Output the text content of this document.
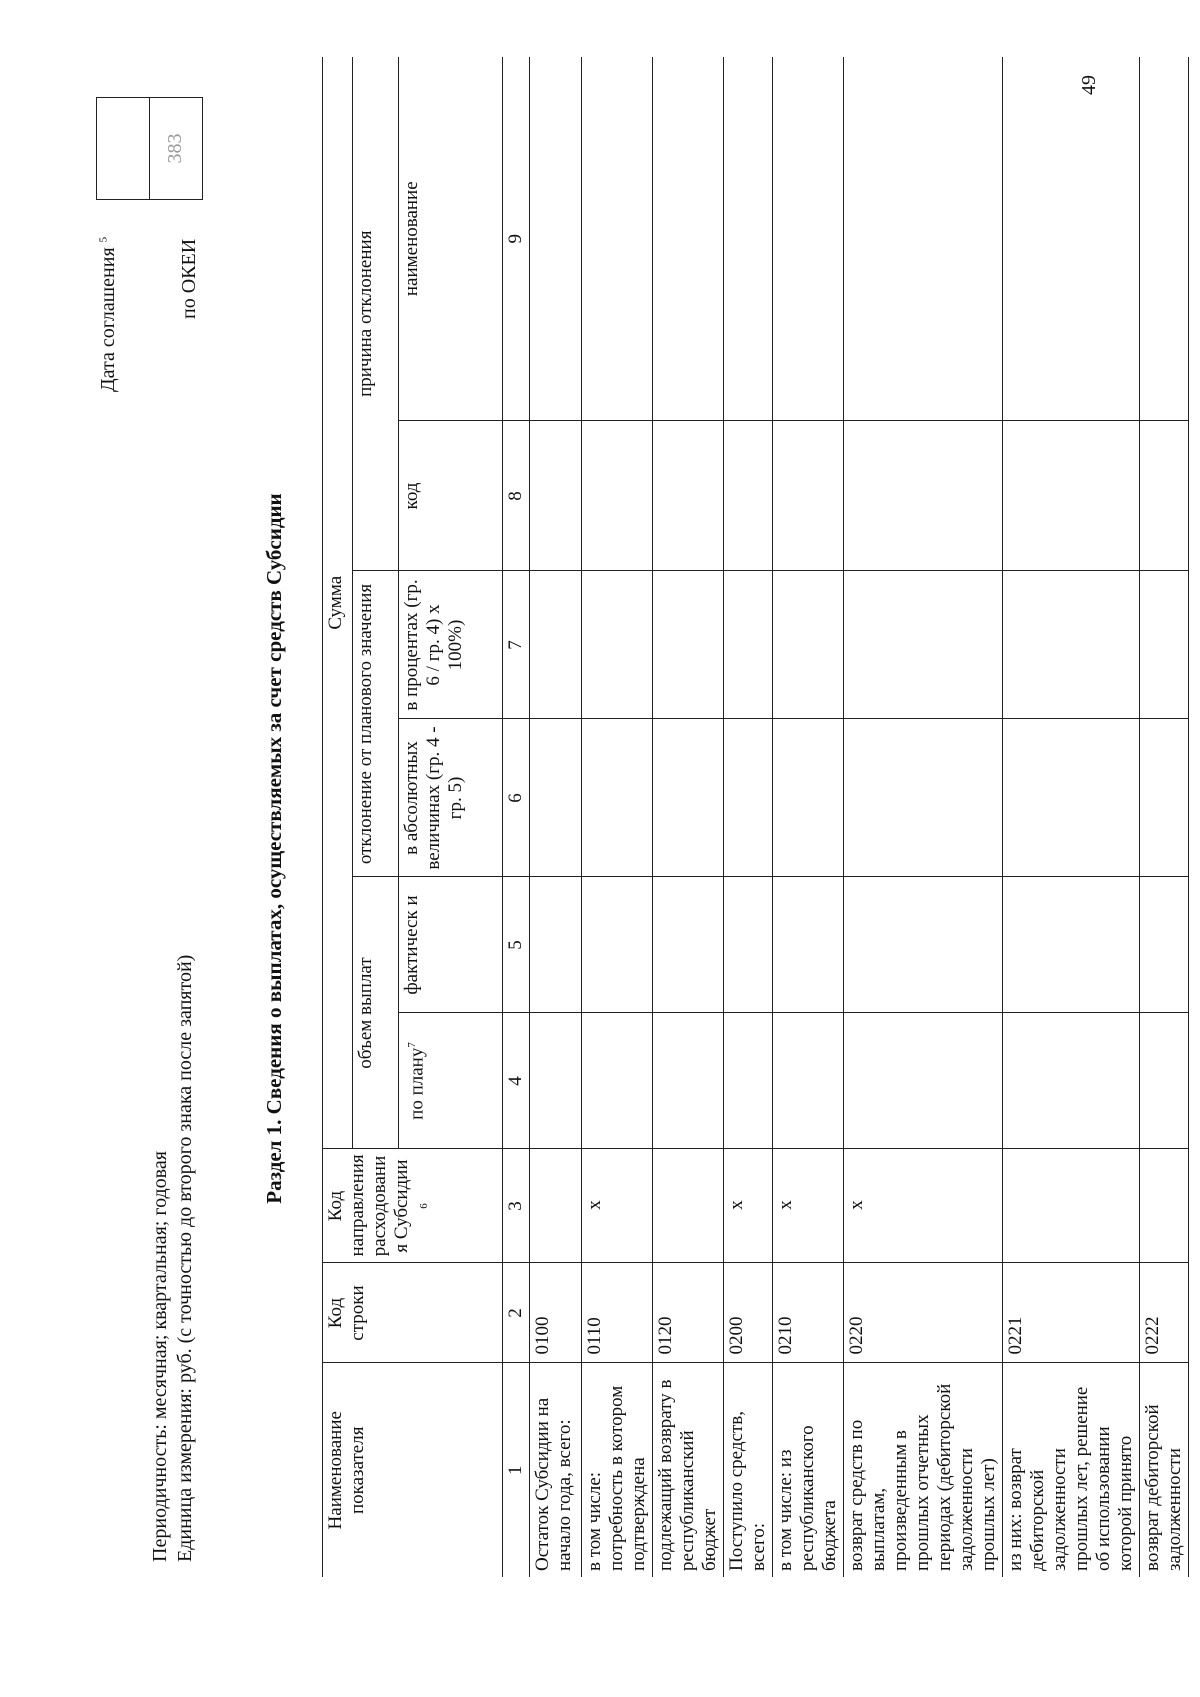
Периодичность: месячная; квартальная; годовая Единица измерения: руб. (с точностью до второго знака после запятой)
Дата соглашения $^5$	по ОКЕИ
383
Раздел 1. Сведения о выплатах, осуществляемых за счет средств Субсидии
Наименование показателя	Код строки	Код направления расходовани я Субсидии $^6$	Сумма					
			объем выплат		отклонение от планового значения		причина отклонения	
			по плану$^7$	фактическ и	в абсолютных величинах (гр. 4 - гр. 5)	в процентах (гр. 6 / гр. 4) x 100%)	код	наименование
1	2	3	4	5	6	7	8	9
Остаток Субсидии на начало года, всего:	0100							
в том числе: потребность в котором подтверждена	0110	x						
подлежащий возврату в республиканский бюджет	0120							
Поступило средств, всего:	0200	x						
в том числе: из республиканского бюджета	0210	x						
возврат средств по выплатам, произведенным в прошлых отчетных периодах (дебиторской задолженности прошлых лет)	0220	x						
из них: возврат дебиторской задолженности прошлых лет, решение об использовании которой принято	0221							
возврат дебиторской задолженности	0222							
49
